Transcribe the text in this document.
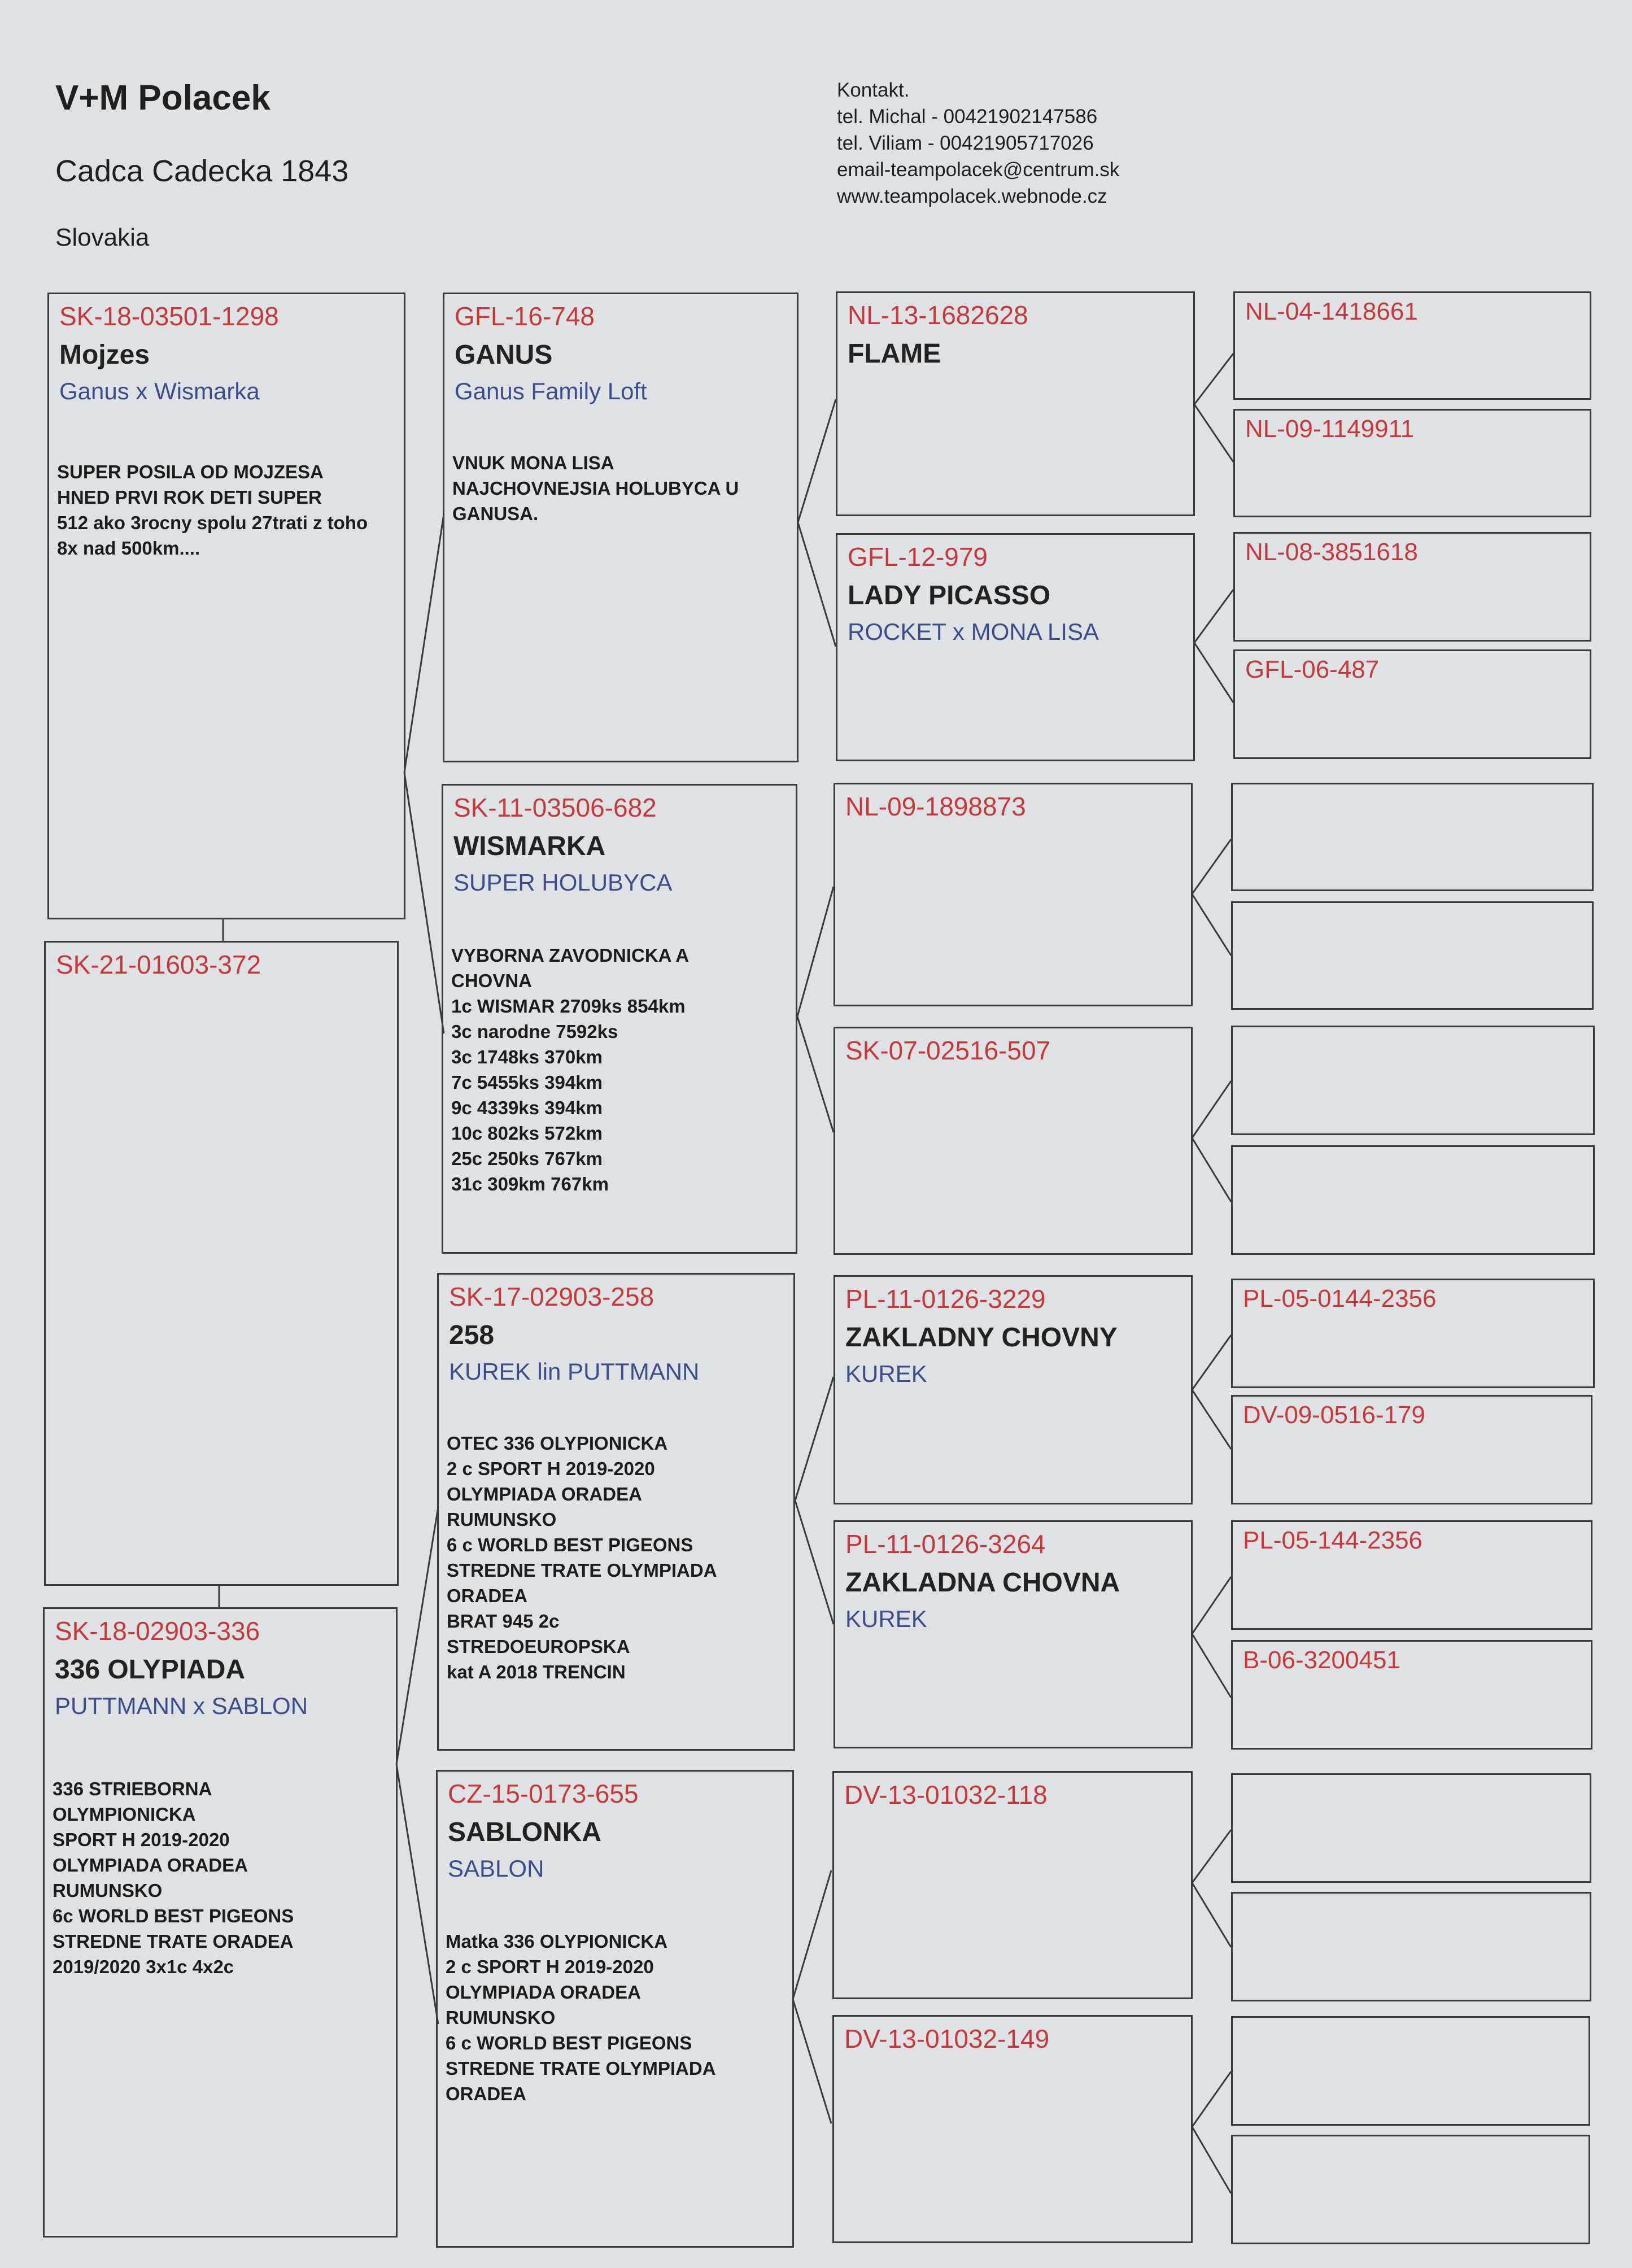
V+M Polacek
Cadca Cadecka 1843
Slovakia
Kontakt.
tel. Michal - 00421902147586
tel. Viliam - 00421905717026
email-teampolacek@centrum.sk
www.teampolacek.webnode.cz
SK-18-03501-1298
Mojzes
Ganus x Wismarka
SUPER POSILA OD MOJZESA
HNED PRVI ROK DETI SUPER
512 ako 3rocny spolu 27trati z toho
8x nad 500km....
SK-21-01603-372
SK-18-02903-336
336 OLYPIADA
PUTTMANN x SABLON
336 STRIEBORNA
OLYMPIONICKA
SPORT H 2019-2020
OLYMPIADA ORADEA
RUMUNSKO
6c WORLD BEST PIGEONS
STREDNE TRATE ORADEA
2019/2020 3x1c 4x2c
GFL-16-748
GANUS
Ganus Family Loft
VNUK MONA LISA
NAJCHOVNEJSIA HOLUBYCA U
GANUSA.
SK-11-03506-682
WISMARKA
SUPER HOLUBYCA
VYBORNA ZAVODNICKA A
CHOVNA
1c WISMAR 2709ks 854km
3c narodne 7592ks
3c 1748ks 370km
7c 5455ks 394km
9c 4339ks 394km
10c 802ks 572km
25c 250ks 767km
31c 309km 767km
SK-17-02903-258
258
KUREK lin PUTTMANN
OTEC 336 OLYPIONICKA
2 c SPORT H 2019-2020
OLYMPIADA ORADEA
RUMUNSKO
6 c WORLD BEST PIGEONS
STREDNE TRATE OLYMPIADA
ORADEA
BRAT 945 2c
STREDOEUROPSKA
kat A 2018 TRENCIN
CZ-15-0173-655
SABLONKA
SABLON
Matka 336 OLYPIONICKA
2 c SPORT H 2019-2020
OLYMPIADA ORADEA
RUMUNSKO
6 c WORLD BEST PIGEONS
STREDNE TRATE OLYMPIADA
ORADEA
NL-13-1682628
FLAME
GFL-12-979
LADY PICASSO
ROCKET x MONA LISA
NL-09-1898873
SK-07-02516-507
PL-11-0126-3229
ZAKLADNY CHOVNY
KUREK
PL-11-0126-3264
ZAKLADNA CHOVNA
KUREK
DV-13-01032-118
DV-13-01032-149
NL-04-1418661
NL-09-1149911
NL-08-3851618
GFL-06-487
PL-05-0144-2356
DV-09-0516-179
PL-05-144-2356
B-06-3200451
